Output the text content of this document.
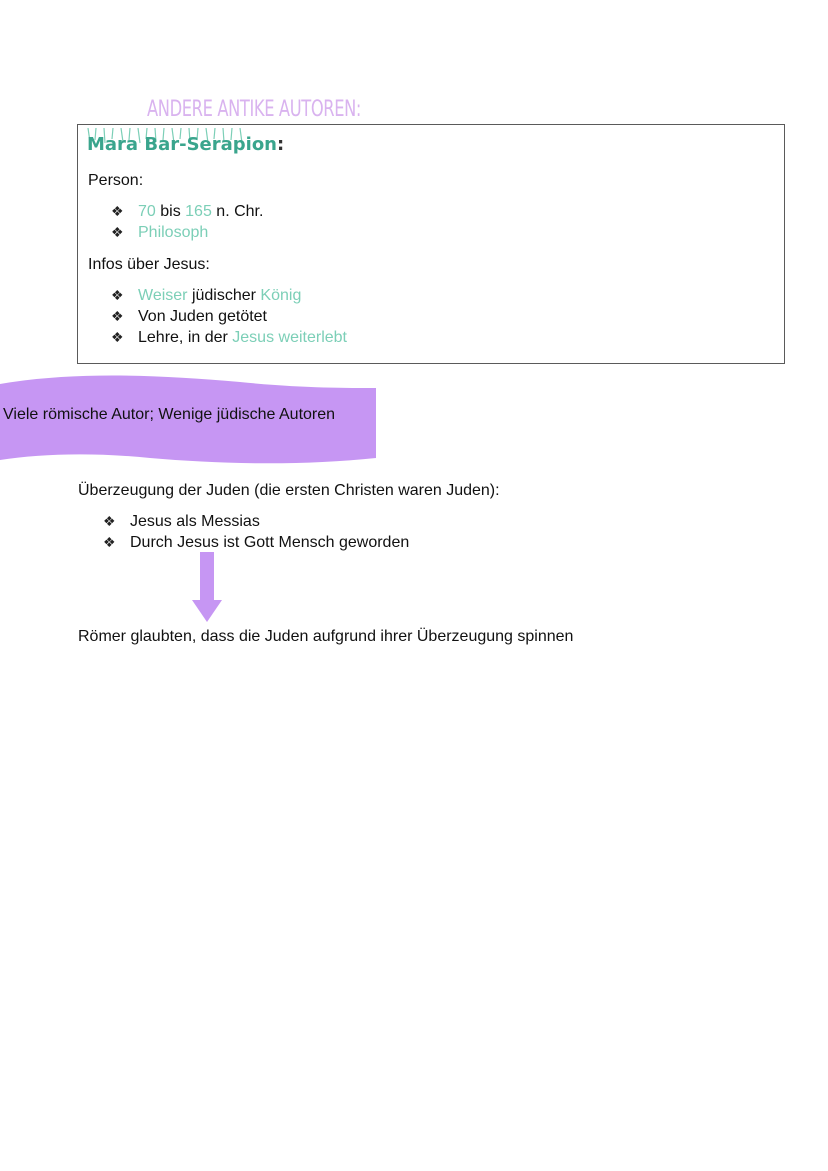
ANDERE ANTIKE AUTOREN:
Mara Bar-Serapion:
Person:
❖ 70 bis 165 n. Chr.
❖ Philosoph
Infos über Jesus:
❖ Weiser jüdischer König
❖ Von Juden getötet
❖ Lehre, in der Jesus weiterlebt
Viele römische Autor; Wenige jüdische Autoren
Überzeugung der Juden (die ersten Christen waren Juden):
❖ Jesus als Messias
❖ Durch Jesus ist Gott Mensch geworden
Römer glaubten, dass die Juden aufgrund ihrer Überzeugung spinnen
